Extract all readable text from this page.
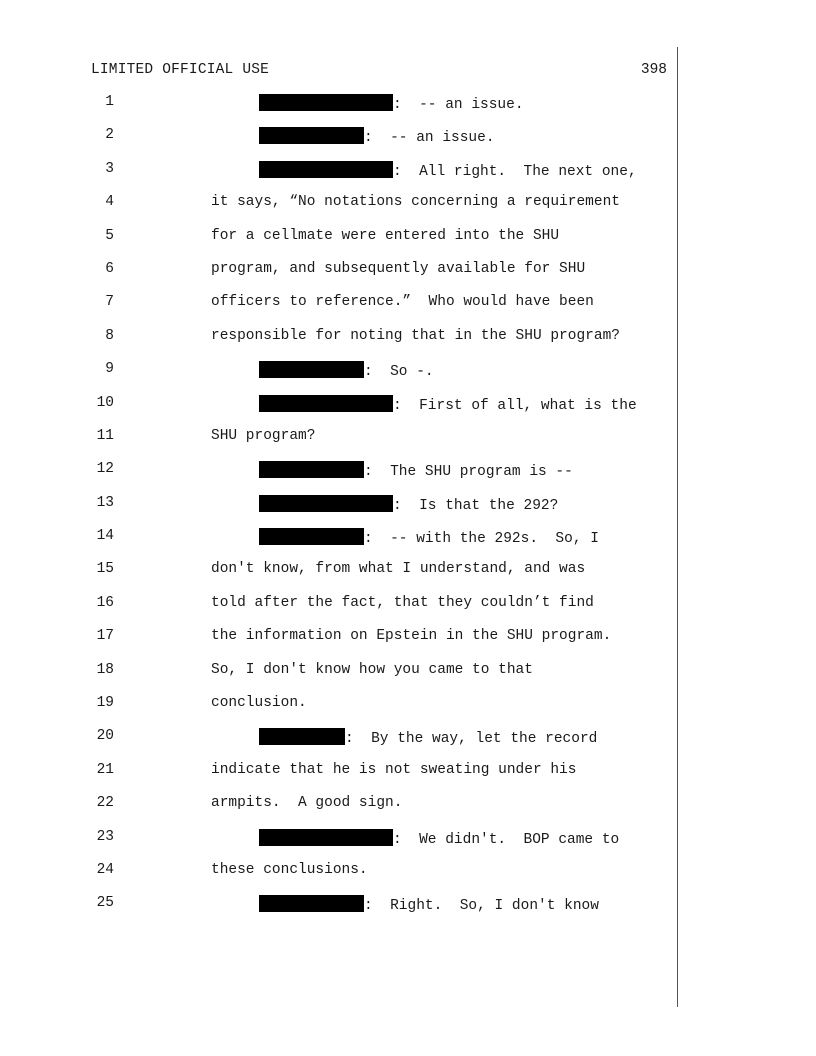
LIMITED OFFICIAL USE	398

1

	:  -- an issue.

2

	:  -- an issue.

3

	:  All right.  The next one,

4

	it says, “No notations concerning a requirement

5

	for a cellmate were entered into the SHU

6

	program, and subsequently available for SHU

7

	officers to reference.”  Who would have been

8

	responsible for noting that in the SHU program?

9

	:  So -.

10

	:  First of all, what is the

11

	SHU program?

12

	:  The SHU program is --

13

	:  Is that the 292?

14

	:  -- with the 292s.  So, I

15

	don't know, from what I understand, and was

16

	told after the fact, that they couldn’t find

17

	the information on Epstein in the SHU program.

18

	So, I don't know how you came to that

19

	conclusion.

20

	:  By the way, let the record

21

	indicate that he is not sweating under his

22

	armpits.  A good sign.

23

	:  We didn't.  BOP came to

24

	these conclusions.

25

	:  Right.  So, I don't know
